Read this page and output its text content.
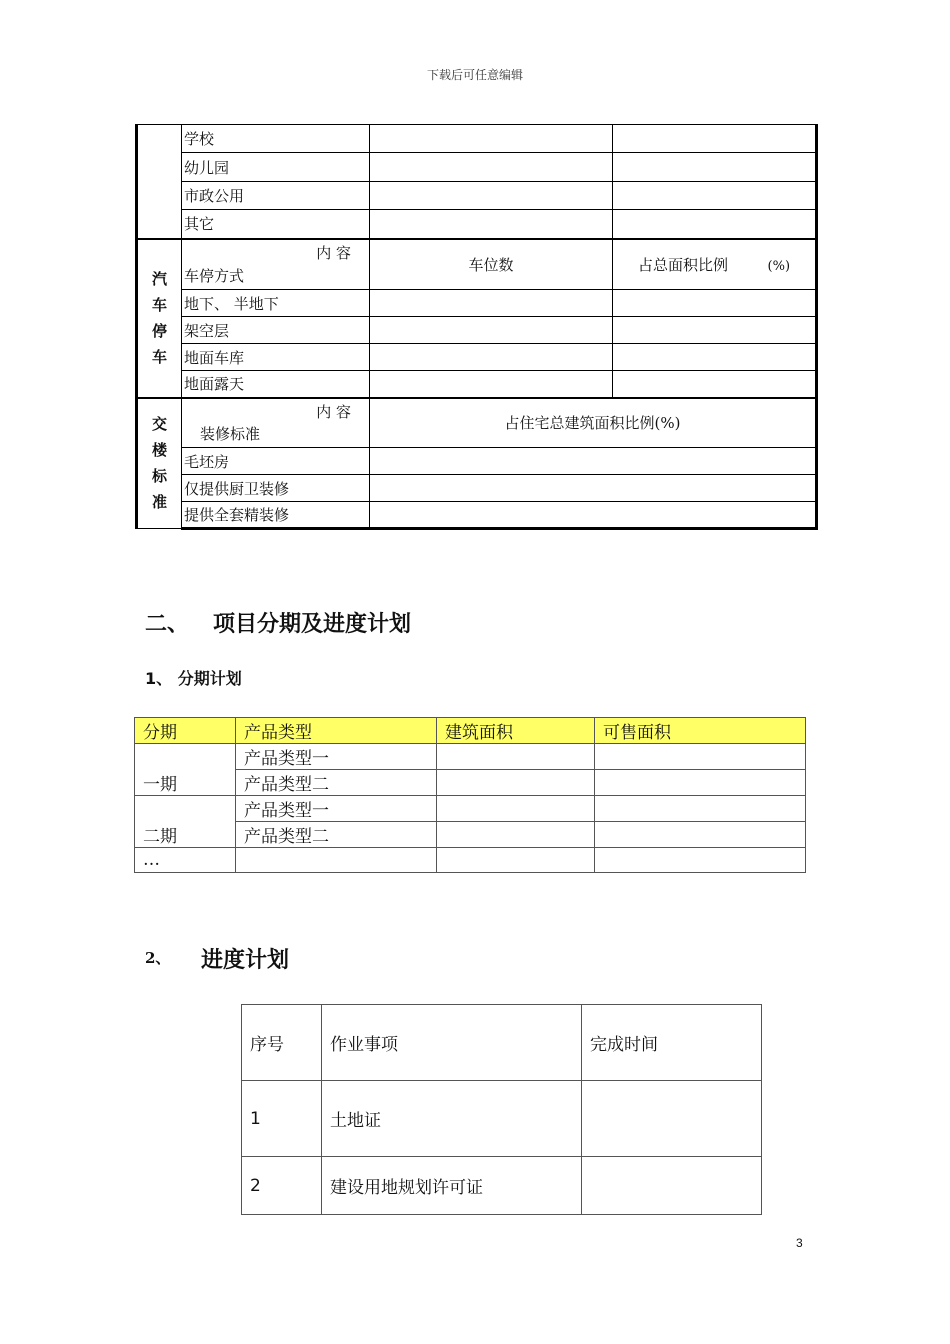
下载后可任意编辑
	学校		
	幼儿园		
	市政公用		
	其它		
汽
车
停
车	内 容
车停方式	车位数	占总面积比例 (%)
	地下、 半地下		
	架空层		
	地面车库		
	地面露天		
交
楼
标
准	内 容
装修标准	占住宅总建筑面积比例(%)	
	毛坯房		
	仅提供厨卫装修		
	提供全套精装修		
二、 项目分期及进度计划
1、 分期计划
分期	产品类型	建筑面积	可售面积
一期	产品类型一		
	产品类型二		
二期	产品类型一		
	产品类型二		
…			
2、 进度计划
序号	作业事项	完成时间
1	土地证	
2	建设用地规划许可证	
3
